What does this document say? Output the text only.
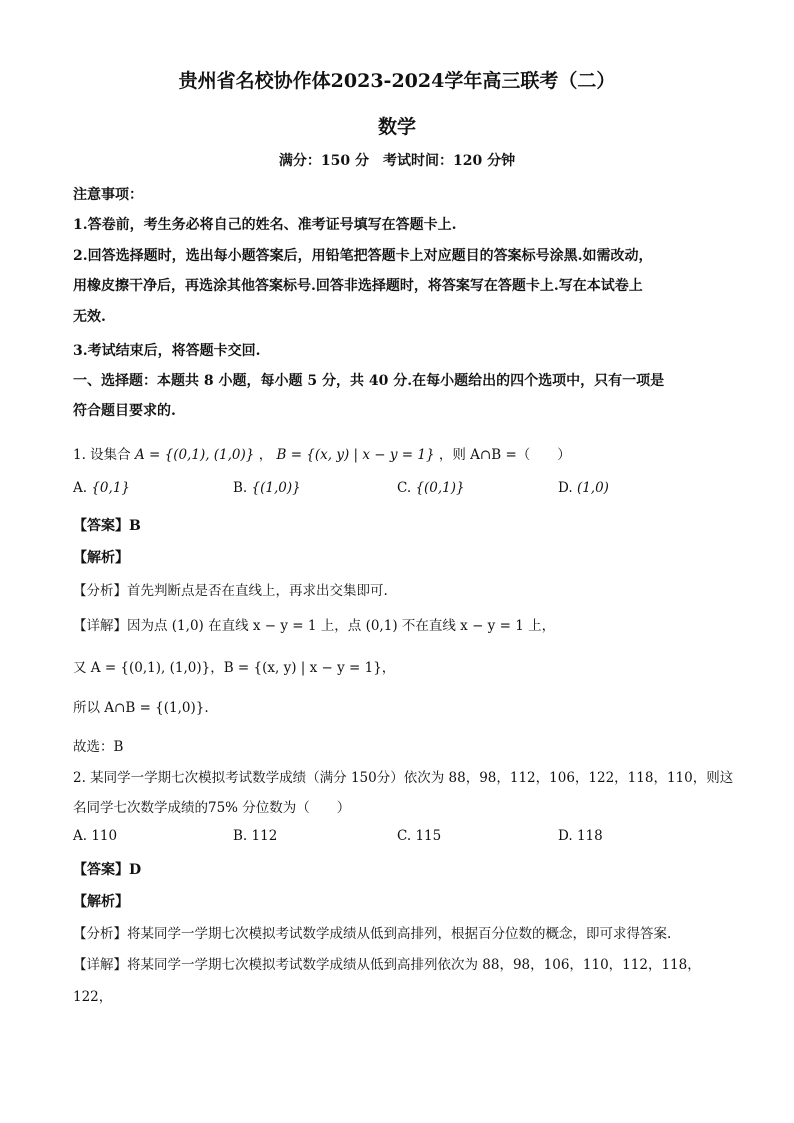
贵州省名校协作体2023-2024学年高三联考（二）
数学
满分：150 分　考试时间：120 分钟
注意事项：
1.答卷前，考生务必将自己的姓名、准考证号填写在答题卡上.
2.回答选择题时，选出每小题答案后，用铅笔把答题卡上对应题目的答案标号涂黑.如需改动，
用橡皮擦干净后，再选涂其他答案标号.回答非选择题时，将答案写在答题卡上.写在本试卷上
无效.
3.考试结束后，将答题卡交回.
一、选择题：本题共 8 小题，每小题 5 分，共 40 分.在每小题给出的四个选项中，只有一项是
符合题目要求的.
1. 设集合 A = {(0,1), (1,0)} ， B = {(x, y) | x − y = 1} ，则 A∩B =（　　）
A. {0,1}	B. {(1,0)}	C. {(0,1)}	D. (1,0)
【答案】B
【解析】
【分析】首先判断点是否在直线上，再求出交集即可.
【详解】因为点 (1,0) 在直线 x − y = 1 上，点 (0,1) 不在直线 x − y = 1 上，
又 A = {(0,1), (1,0)}，B = {(x, y) | x − y = 1}，
所以 A∩B = {(1,0)}.
故选：B
2. 某同学一学期七次模拟考试数学成绩（满分 150分）依次为 88，98，112，106，122，118，110，则这
名同学七次数学成绩的75% 分位数为（　　）
A. 110	B. 112	C. 115	D. 118
【答案】D
【解析】
【分析】将某同学一学期七次模拟考试数学成绩从低到高排列，根据百分位数的概念，即可求得答案.
【详解】将某同学一学期七次模拟考试数学成绩从低到高排列依次为 88，98，106，110，112，118，
122，
